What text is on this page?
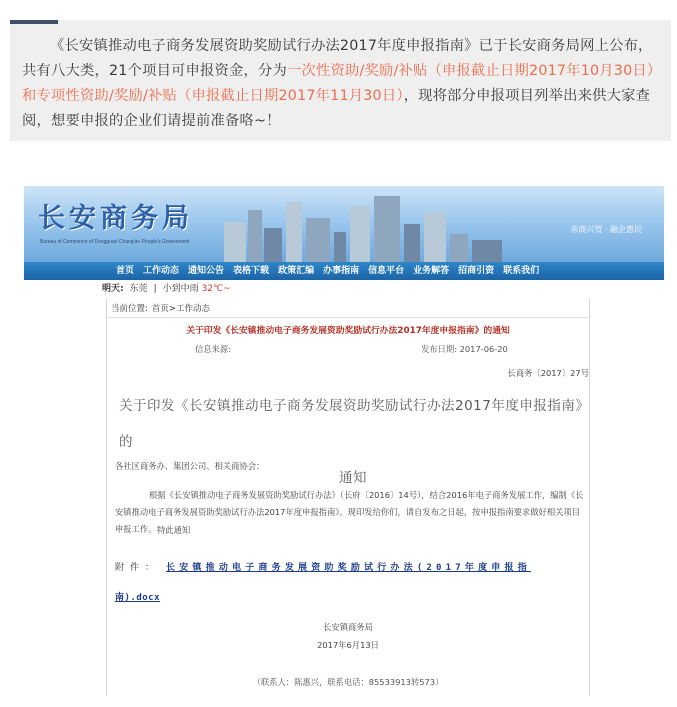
《长安镇推动电子商务发展资助奖励试行办法2017年度申报指南》已于长安商务局网上公布，共有八大类，21个项目可申报资金，分为一次性资助/奖励/补贴（申报截止日期2017年10月30日）和专项性资助/奖励/补贴（申报截止日期2017年11月30日），现将部分申报项目列举出来供大家查阅，想要申报的企业们请提前准备咯~！

长安商务局
Bureau of Commerce of Dongguan Chang'an People's Government
亲商兴贸 · 融企惠民
首页 工作动态 通知公告 表格下载 政策汇编 办事指南 信息平台 业务解答 招商引资 联系我们
明天: 东莞 | 小到中雨 32℃~
当前位置: 首页>工作动态
关于印发《长安镇推动电子商务发展资助奖励试行办法2017年度申报指南》的通知
信息来源:	发布日期: 2017-06-20
长商务〔2017〕27号
关于印发《长安镇推动电子商务发展资助奖励试行办法2017年度申报指南》的
通知
各社区商务办、集团公司、相关商协会：
根据《长安镇推动电子商务发展资助奖励试行办法》（长府〔2016〕14号），结合2016年电子商务发展工作，编制《长安镇推动电子商务发展资助奖励试行办法2017年度申报指南》。现印发给你们，请自发布之日起，按申报指南要求做好相关项目申报工作。 特此通知
附件： 长安镇推动电子商务发展资助奖励试行办法(2017年度申报指
南).docx
长安镇商务局
2017年6月13日
（联系人：陈惠兴，联系电话：85533913转573）
